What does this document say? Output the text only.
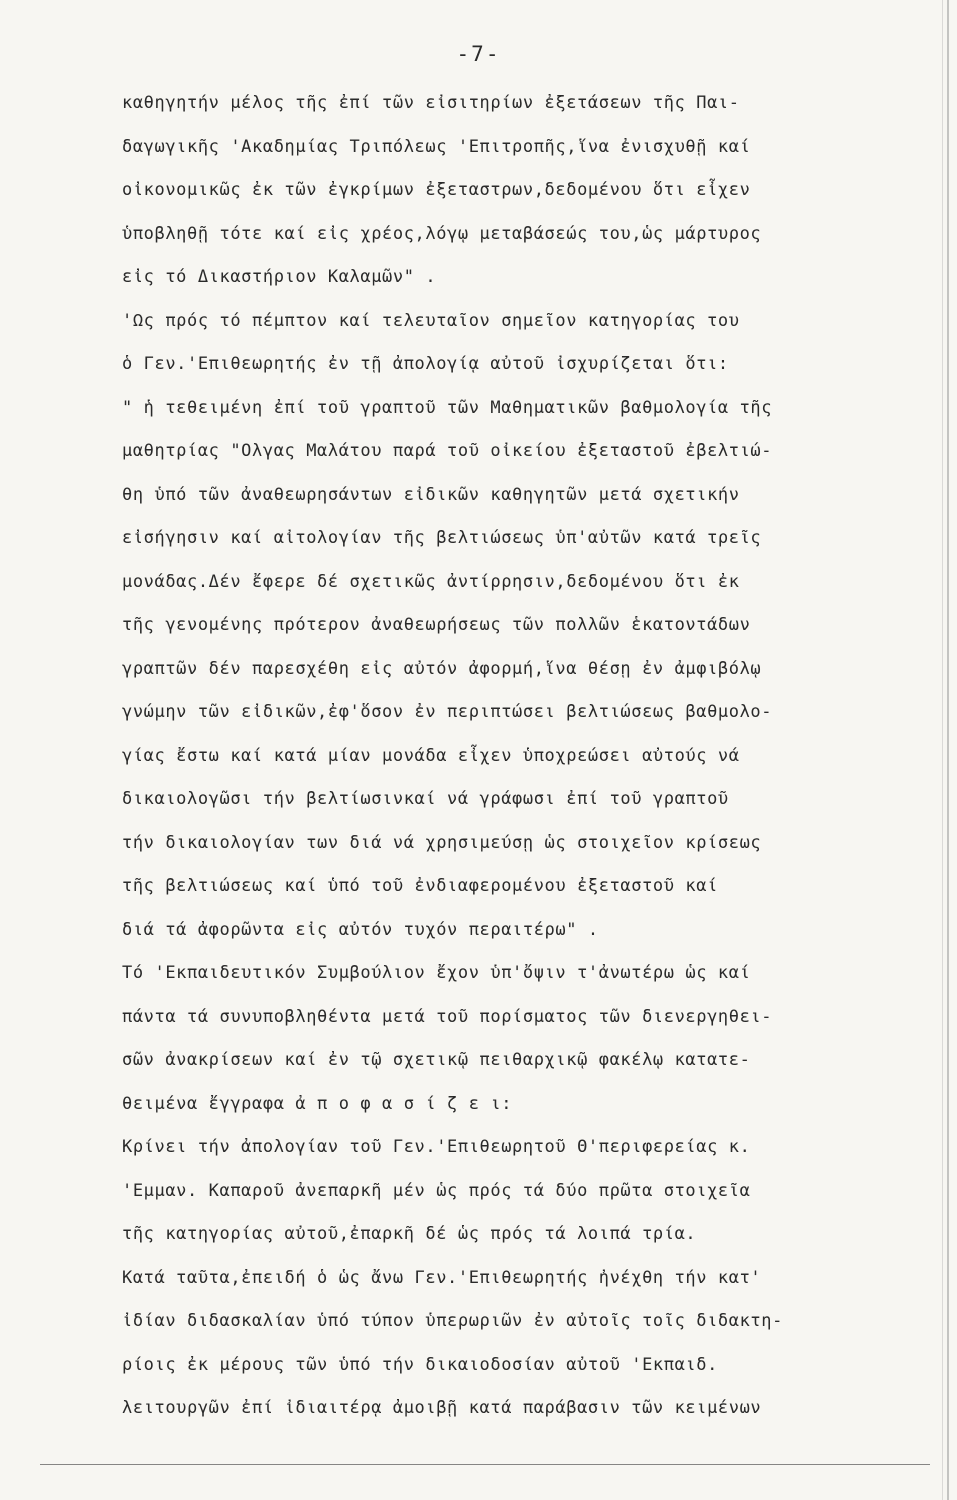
-7-
καθηγητήν μέλος τῆς ἐπί τῶν εἰσιτηρίων ἐξετάσεων τῆς Παι-
δαγωγικῆς 'Ακαδημίας Τριπόλεως 'Επιτροπῆς,ἵνα ἐνισχυθῇ καί
οἰκονομικῶς ἐκ τῶν ἐγκρίμων ἐξεταστρων,δεδομένου ὅτι εἶχεν
ὑποβληθῇ τότε καί εἰς χρέος,λόγῳ μεταβάσεώς του,ὡς μάρτυρος
εἰς τό Δικαστήριον Καλαμῶν" .
'Ως πρός τό πέμπτον καί τελευταῖον σημεῖον κατηγορίας του
ὁ Γεν.'Επιθεωρητής ἐν τῇ ἀπολογίᾳ αὐτοῦ ἰσχυρίζεται ὅτι:
" ἡ τεθειμένη ἐπί τοῦ γραπτοῦ τῶν Μαθηματικῶν βαθμολογία τῆς
μαθητρίας "Ολγας Μαλάτου παρά τοῦ οἰκείου ἐξεταστοῦ ἐβελτιώ-
θη ὑπό τῶν ἀναθεωρησάντων εἰδικῶν καθηγητῶν μετά σχετικήν
εἰσήγησιν καί αἰτολογίαν τῆς βελτιώσεως ὑπ'αὐτῶν κατά τρεῖς
μονάδας.Δέν ἔφερε δέ σχετικῶς ἀντίρρησιν,δεδομένου ὅτι ἐκ
τῆς γενομένης πρότερον ἀναθεωρήσεως τῶν πολλῶν ἑκατοντάδων
γραπτῶν δέν παρεσχέθη εἰς αὐτόν ἀφορμή,ἵνα θέσῃ ἐν ἀμφιβόλῳ
γνώμην τῶν εἰδικῶν,ἐφ'ὅσον ἐν περιπτώσει βελτιώσεως βαθμολο-
γίας ἔστω καί κατά μίαν μονάδα εἶχεν ὑποχρεώσει αὐτούς νά
δικαιολογῶσι τήν βελτίωσινκαί νά γράφωσι ἐπί τοῦ γραπτοῦ
τήν δικαιολογίαν των διά νά χρησιμεύσῃ ὡς στοιχεῖον κρίσεως
τῆς βελτιώσεως καί ὑπό τοῦ ἐνδιαφερομένου ἐξεταστοῦ καί
διά τά ἀφορῶντα εἰς αὐτόν τυχόν περαιτέρω" .
Τό 'Εκπαιδευτικόν Συμβούλιον ἔχον ὑπ'ὄψιν τ'ἀνωτέρω ὡς καί
πάντα τά συνυποβληθέντα μετά τοῦ πορίσματος τῶν διενεργηθει-
σῶν ἀνακρίσεων καί ἐν τῷ σχετικῷ πειθαρχικῷ φακέλῳ κατατε-
θειμένα ἔγγραφα ἀ π ο φ α σ ί ζ ε ι:
Κρίνει τήν ἀπολογίαν τοῦ Γεν.'Επιθεωρητοῦ Θ'περιφερείας κ.
'Εμμαν. Καπαροῦ ἀνεπαρκῆ μέν ὡς πρός τά δύο πρῶτα στοιχεῖα
τῆς κατηγορίας αὐτοῦ,ἐπαρκῆ δέ ὡς πρός τά λοιπά τρία.
Κατά ταῦτα,ἐπειδή ὁ ὡς ἄνω Γεν.'Επιθεωρητής ἠνέχθη τήν κατ'
ἰδίαν διδασκαλίαν ὑπό τύπον ὑπερωριῶν ἐν αὐτοῖς τοῖς διδακτη-
ρίοις ἐκ μέρους τῶν ὑπό τήν δικαιοδοσίαν αὐτοῦ 'Εκπαιδ.
λειτουργῶν ἐπί ἰδιαιτέρᾳ ἀμοιβῇ κατά παράβασιν τῶν κειμένων
